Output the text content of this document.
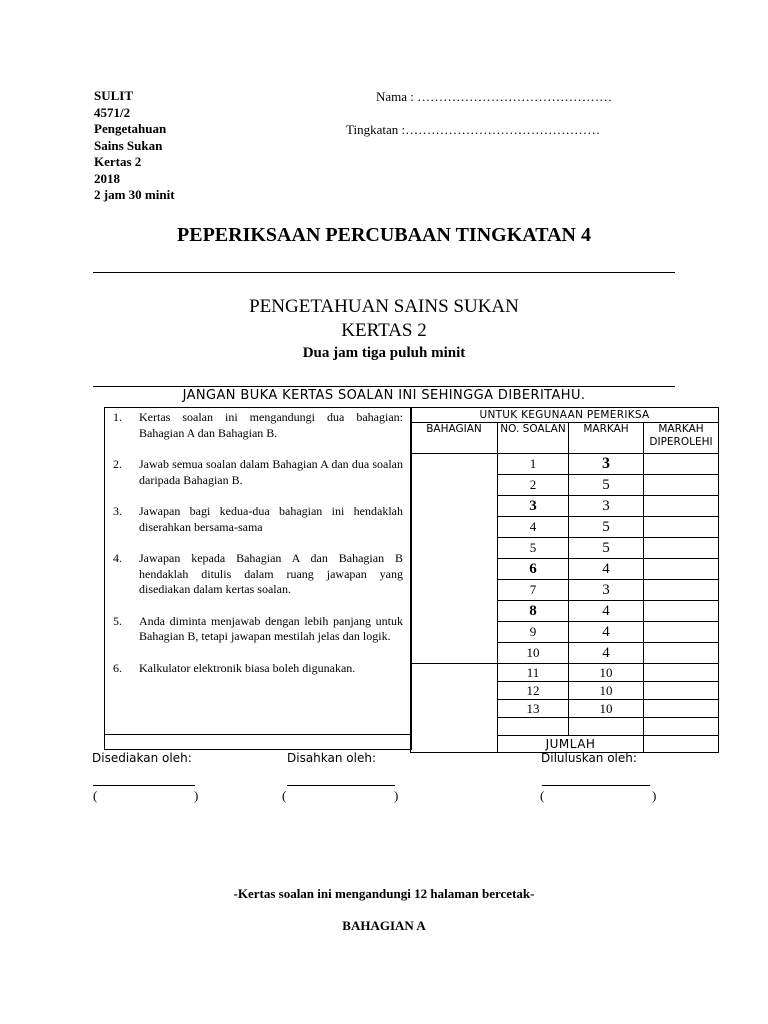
SULIT
4571/2
Pengetahuan
Sains Sukan
Kertas 2
2018
2 jam 30 minit
Nama : ………………………………………
Tingkatan :………………………………………
PEPERIKSAAN PERCUBAAN TINGKATAN 4
PENGETAHUAN SAINS SUKAN
KERTAS 2
Dua jam tiga puluh minit
JANGAN BUKA KERTAS SOALAN INI SEHINGGA DIBERITAHU.
1. Kertas soalan ini mengandungi dua bahagian: Bahagian A dan Bahagian B.
2. Jawab semua soalan dalam Bahagian A dan dua soalan daripada Bahagian B.
3. Jawapan bagi kedua-dua bahagian ini hendaklah diserahkan bersama-sama
4. Jawapan kepada Bahagian A dan Bahagian B hendaklah ditulis dalam ruang jawapan yang disediakan dalam kertas soalan.
5. Anda diminta menjawab dengan lebih panjang untuk Bahagian B, tetapi jawapan mestilah jelas dan logik.
6. Kalkulator elektronik biasa boleh digunakan.
UNTUK KEGUNAAN PEMERIKSA			
BAHAGIAN	NO. SOALAN	MARKAH	MARKAH DIPEROLEHI
	1	3	
	2	5	
	3	3	
	4	5	
	5	5	
	6	4	
	7	3	
	8	4	
	9	4	
	10	4	
	11	10	
	12	10	
	13	10	

	JUMLAH		
Disediakan oleh:	Disahkan oleh:	Diluluskan oleh:
(	)	(	)	(	)
-Kertas soalan ini mengandungi 12 halaman bercetak-
BAHAGIAN A
